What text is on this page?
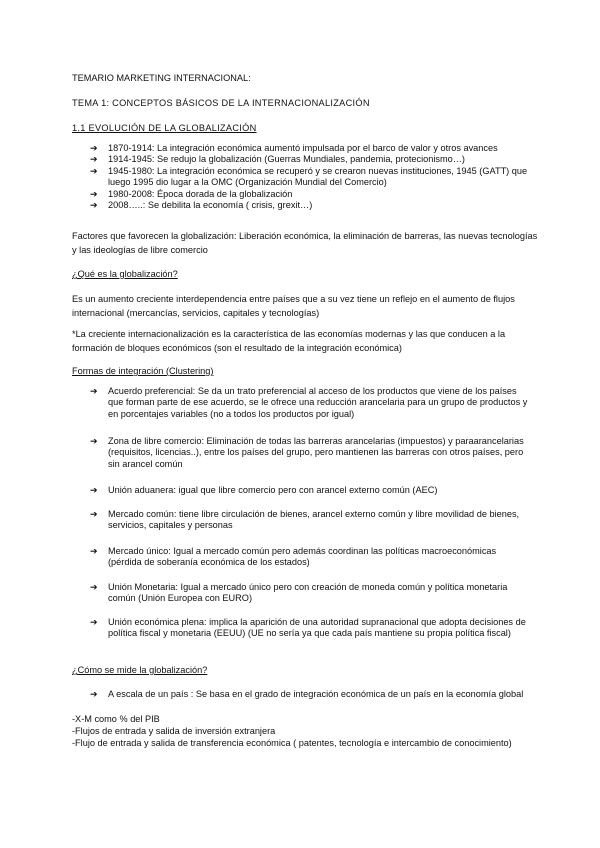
TEMARIO MARKETING INTERNACIONAL:
TEMA 1: CONCEPTOS BÁSICOS DE LA INTERNACIONALIZACIÓN
1.1 EVOLUCIÓN DE LA GLOBALIZACIÓN
➔ 1870-1914: La integración económica aumentó impulsada por el barco de valor y otros avances
➔ 1914-1945: Se redujo la globalización (Guerras Mundiales, pandemia, protecionismo…)
➔ 1945-1980: La integración económica se recuperó y se crearon nuevas instituciones, 1945 (GATT) que luego 1995 dio lugar a la OMC (Organización Mundial del Comercio)
➔ 1980-2008: Época dorada de la globalización
➔ 2008…..: Se debilita la economía ( crisis, grexit…)
Factores que favorecen la globalización: Liberación económica, la eliminación de barreras, las nuevas tecnologías y las ideologías de libre comercio
¿Qué es la globalización?
Es un aumento creciente interdependencia entre países que a su vez tiene un reflejo en el aumento de flujos internacional (mercancías, servicios, capitales y tecnologías)
*La creciente internacionalización es la característica de las economías modernas y las que conducen a la formación de bloques económicos (son el resultado de la integración económica)
Formas de integración (Clustering)
➔ Acuerdo preferencial: Se da un trato preferencial al acceso de los productos que viene de los países que forman parte de ese acuerdo, se le ofrece una reducción arancelaria para un grupo de productos y en porcentajes variables (no a todos los productos por igual)
➔ Zona de libre comercio: Eliminación de todas las barreras arancelarias (impuestos) y paraarancelarias (requisitos, licencias..), entre los países del grupo, pero mantienen las barreras con otros países, pero sin arancel común
➔ Unión aduanera: igual que libre comercio pero con arancel externo común (AEC)
➔ Mercado común: tiene libre circulación de bienes, arancel externo común y libre movilidad de bienes, servicios, capitales y personas
➔ Mercado único: Igual a mercado común pero además coordinan las políticas macroeconómicas (pérdida de soberanía económica de los estados)
➔ Unión Monetaria: Igual a mercado único pero con creación de moneda común y política monetaria común (Unión Europea con EURO)
➔ Unión económica plena: implica la aparición de una autoridad supranacional que adopta decisiones de política fiscal y monetaria (EEUU) (UE no sería ya que cada país mantiene su propia política fiscal)
¿Cómo se mide la globalización?
➔ A escala de un país : Se basa en el grado de integración económica de un país en la economía global
-X-M como % del PIB
-Flujos de entrada y salida de inversión extranjera
-Flujo de entrada y salida de transferencia económica ( patentes, tecnología e intercambio de conocimiento)
